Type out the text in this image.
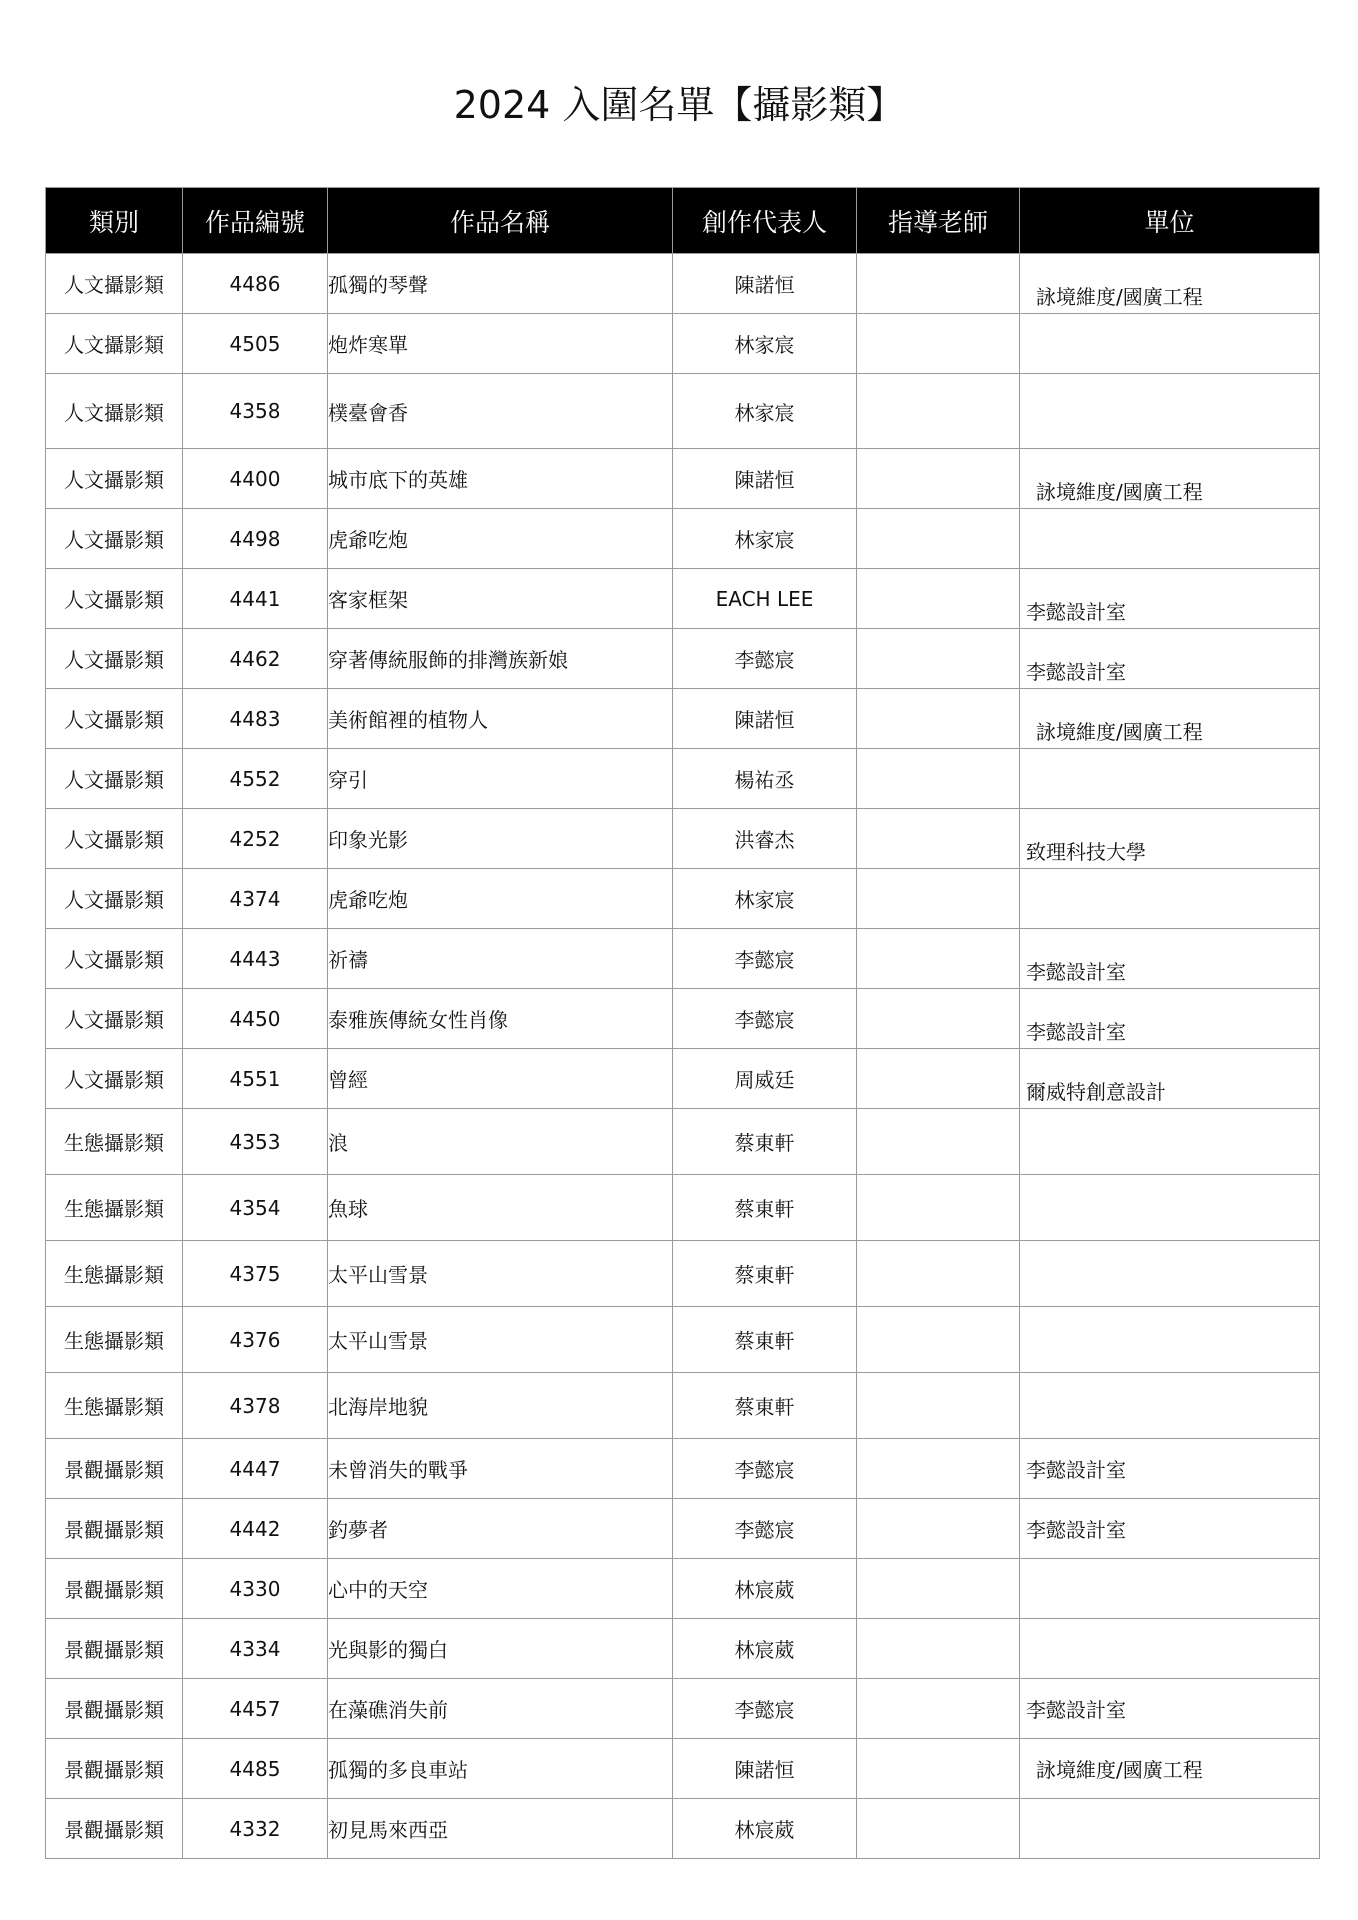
2024 入圍名單【攝影類】
類別	作品編號	作品名稱	創作代表人	指導老師	單位
人文攝影類	4486	孤獨的琴聲	陳諾恒		詠境維度/國廣工程
人文攝影類	4505	炮炸寒單	林家宸		
人文攝影類	4358	樸臺會香	林家宸		
人文攝影類	4400	城市底下的英雄	陳諾恒		詠境維度/國廣工程
人文攝影類	4498	虎爺吃炮	林家宸		
人文攝影類	4441	客家框架	EACH LEE		李懿設計室
人文攝影類	4462	穿著傳統服飾的排灣族新娘	李懿宸		李懿設計室
人文攝影類	4483	美術館裡的植物人	陳諾恒		詠境維度/國廣工程
人文攝影類	4552	穿引	楊祐丞		
人文攝影類	4252	印象光影	洪睿杰		致理科技大學
人文攝影類	4374	虎爺吃炮	林家宸		
人文攝影類	4443	祈禱	李懿宸		李懿設計室
人文攝影類	4450	泰雅族傳統女性肖像	李懿宸		李懿設計室
人文攝影類	4551	曾經	周威廷		爾威特創意設計
生態攝影類	4353	浪	蔡東軒		
生態攝影類	4354	魚球	蔡東軒		
生態攝影類	4375	太平山雪景	蔡東軒		
生態攝影類	4376	太平山雪景	蔡東軒		
生態攝影類	4378	北海岸地貌	蔡東軒		
景觀攝影類	4447	未曾消失的戰爭	李懿宸		李懿設計室
景觀攝影類	4442	釣夢者	李懿宸		李懿設計室
景觀攝影類	4330	心中的天空	林宸葳		
景觀攝影類	4334	光與影的獨白	林宸葳		
景觀攝影類	4457	在藻礁消失前	李懿宸		李懿設計室
景觀攝影類	4485	孤獨的多良車站	陳諾恒		詠境維度/國廣工程
景觀攝影類	4332	初見馬來西亞	林宸葳		
